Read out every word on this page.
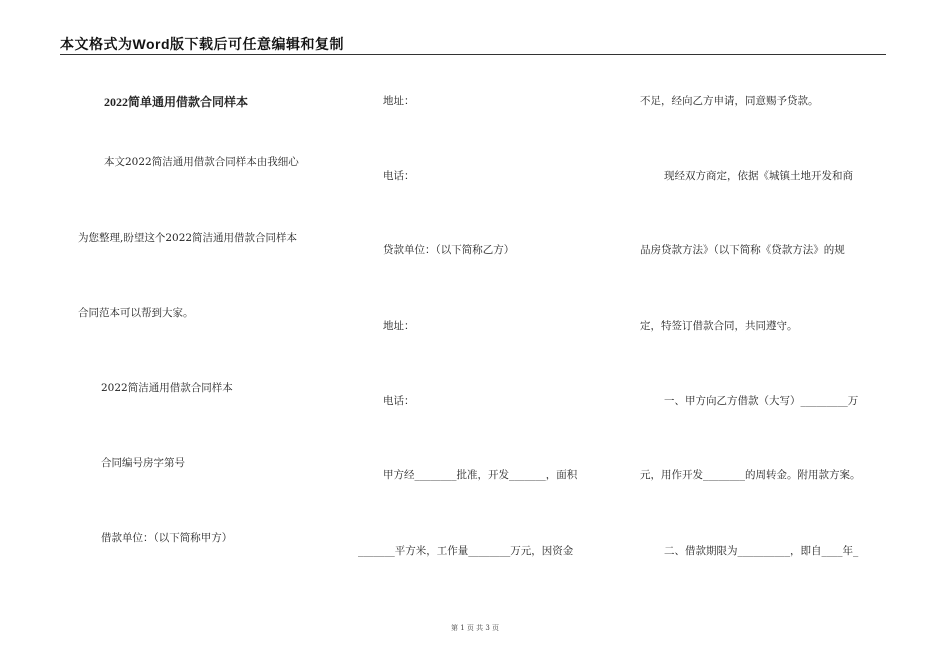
本文格式为Word版下载后可任意编辑和复制
2022简单通用借款合同样本
本文2022简洁通用借款合同样本由我细心
为您整理,盼望这个2022简洁通用借款合同样本
合同范本可以帮到大家。
2022简洁通用借款合同样本
合同编号房字第号
借款单位：（以下简称甲方）
地址：
电话：
贷款单位：（以下简称乙方）
地址：
电话：
甲方经________批准，开发_______，面积
_______平方米，工作量________万元，因资金
不足，经向乙方申请，同意赐予贷款。
现经双方商定，依据《城镇土地开发和商
品房贷款方法》（以下简称《贷款方法》的规
定，特签订借款合同，共同遵守。
一、甲方向乙方借款（大写）_________万
元，用作开发________的周转金。附用款方案。
二、借款期限为__________，即自____年_
第 1 页 共 3 页
